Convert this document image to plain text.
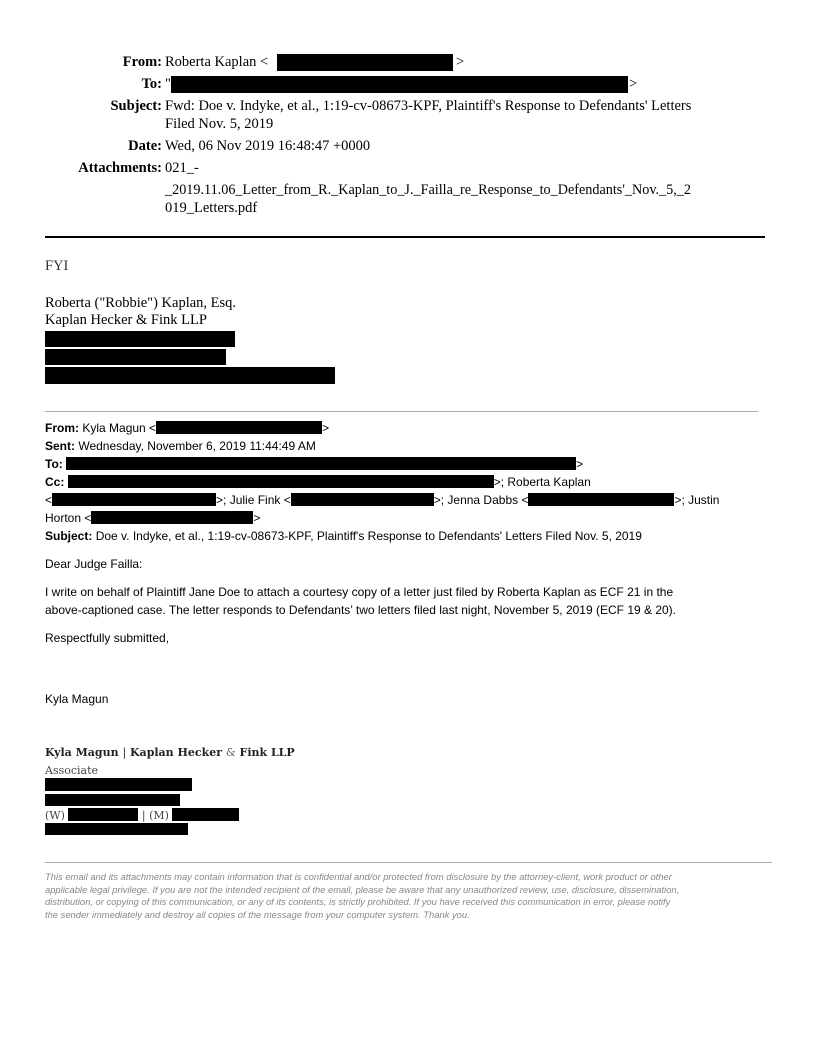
From: Roberta Kaplan <	>
To: "	>
Subject: Fwd: Doe v. Indyke, et al., 1:19-cv-08673-KPF, Plaintiff's Response to Defendants' Letters
Filed Nov. 5, 2019
Date: Wed, 06 Nov 2019 16:48:47 +0000
Attachments: 021_-
_2019.11.06_Letter_from_R._Kaplan_to_J._Failla_re_Response_to_Defendants'_Nov._5,_2
019_Letters.pdf
FYI
Roberta ("Robbie") Kaplan, Esq.
Kaplan Hecker & Fink LLP
From: Kyla Magun <	>
Sent: Wednesday, November 6, 2019 11:44:49 AM
To:	>
Cc:	>; Roberta Kaplan
<	>; Julie Fink <	>; Jenna Dabbs <	>; Justin
Horton <	>
Subject: Doe v. Indyke, et al., 1:19-cv-08673-KPF, Plaintiff's Response to Defendants' Letters Filed Nov. 5, 2019
Dear Judge Failla:
I write on behalf of Plaintiff Jane Doe to attach a courtesy copy of a letter just filed by Roberta Kaplan as ECF 21 in the
above-captioned case. The letter responds to Defendants’ two letters filed last night, November 5, 2019 (ECF 19 & 20).
Respectfully submitted,
Kyla Magun
Kyla Magun | Kaplan Hecker & Fink LLP
Associate
(W)	| (M)
This email and its attachments may contain information that is confidential and/or protected from disclosure by the attorney-client, work product or other
applicable legal privilege. If you are not the intended recipient of the email, please be aware that any unauthorized review, use, disclosure, dissemination,
distribution, or copying of this communication, or any of its contents, is strictly prohibited. If you have received this communication in error, please notify
the sender immediately and destroy all copies of the message from your computer system. Thank you.
